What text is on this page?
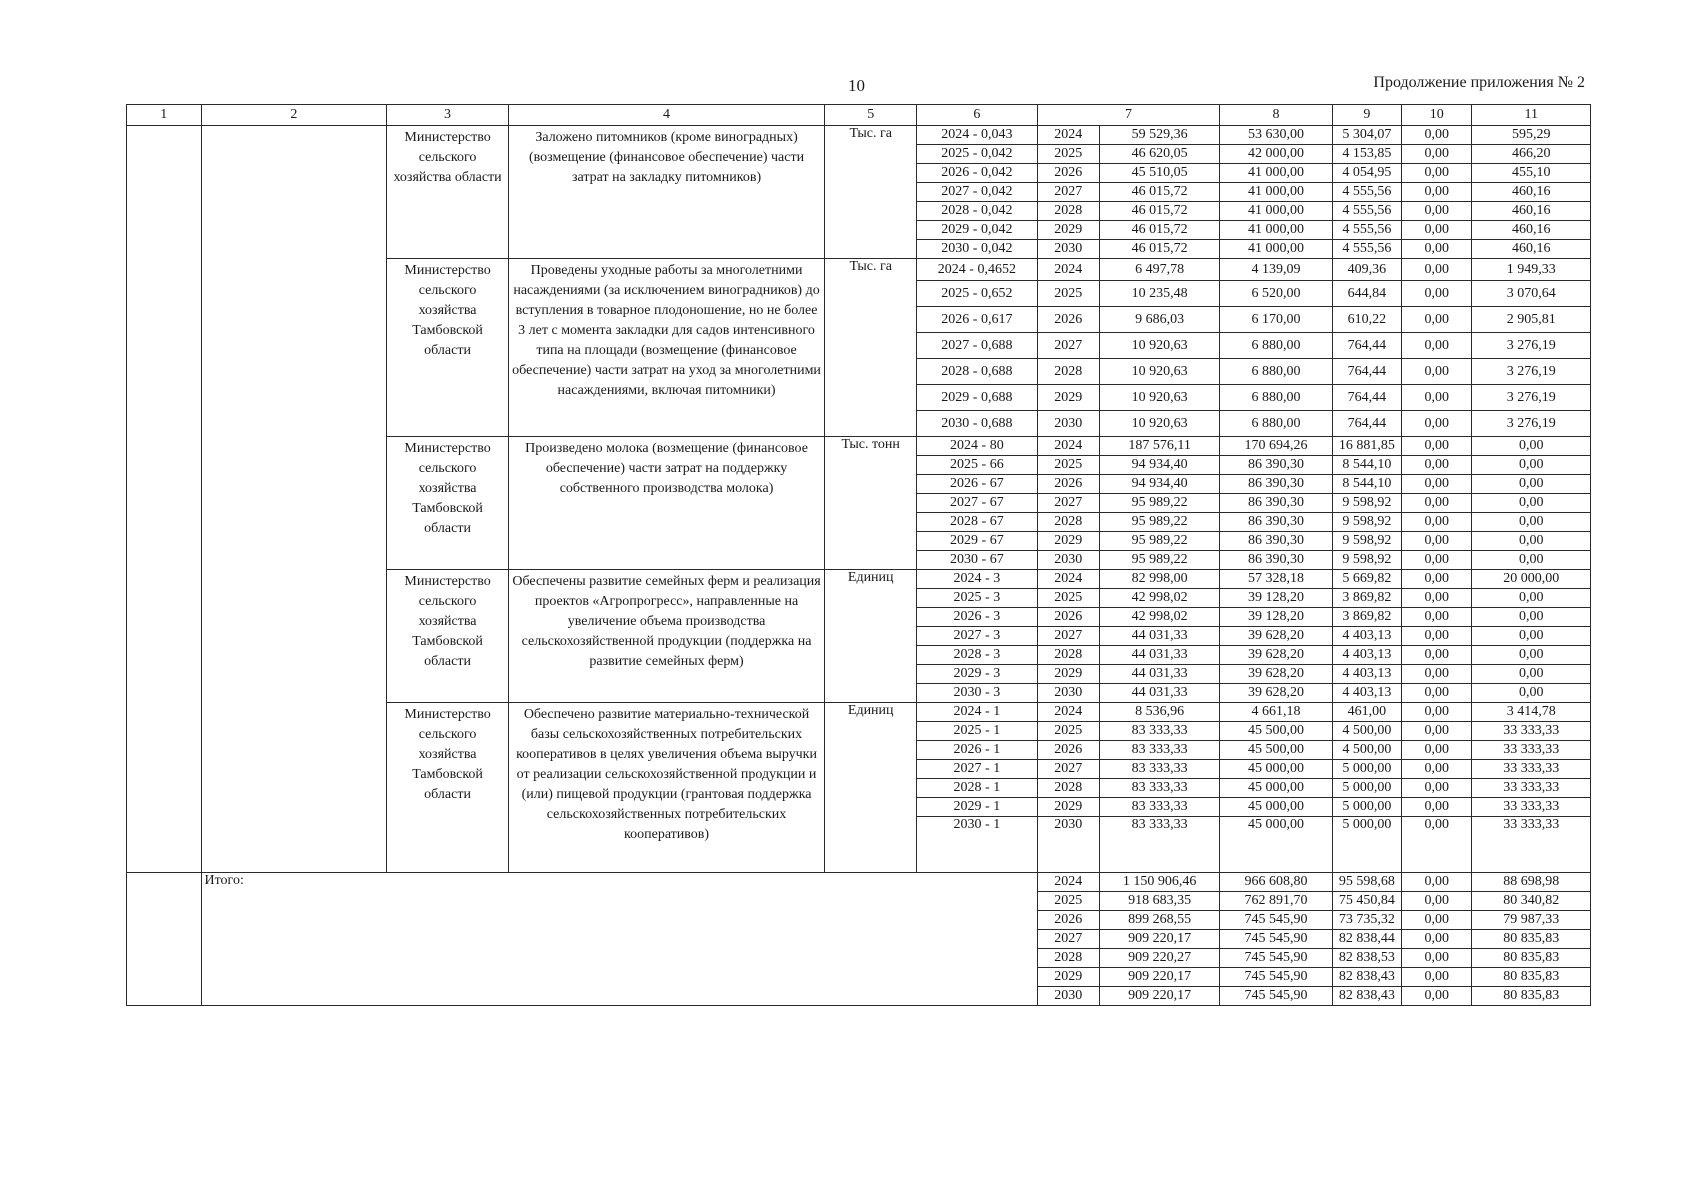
10	Продолжение приложения № 2
1	2	3	4	5	6	7		8	9	10	11
		Министерство сельского хозяйства области	Заложено питомников (кроме виноградных) (возмещение (финансовое обеспечение) части затрат на закладку питомников)	Тыс. га	2024 - 0,043	2024	59 529,36	53 630,00	5 304,07	0,00	595,29
					2025 - 0,042	2025	46 620,05	42 000,00	4 153,85	0,00	466,20
					2026 - 0,042	2026	45 510,05	41 000,00	4 054,95	0,00	455,10
					2027 - 0,042	2027	46 015,72	41 000,00	4 555,56	0,00	460,16
					2028 - 0,042	2028	46 015,72	41 000,00	4 555,56	0,00	460,16
					2029 - 0,042	2029	46 015,72	41 000,00	4 555,56	0,00	460,16
					2030 - 0,042	2030	46 015,72	41 000,00	4 555,56	0,00	460,16
		Министерство сельского хозяйства Тамбовской области	Проведены уходные работы за многолетними насаждениями (за исключением виноградников) до вступления в товарное плодоношение, но не более 3 лет с момента закладки для садов интенсивного типа на площади (возмещение (финансовое обеспечение) части затрат на уход за многолетними насаждениями, включая питомники)	Тыс. га	2024 - 0,4652	2024	6 497,78	4 139,09	409,36	0,00	1 949,33
					2025 - 0,652	2025	10 235,48	6 520,00	644,84	0,00	3 070,64
					2026 - 0,617	2026	9 686,03	6 170,00	610,22	0,00	2 905,81
					2027 - 0,688	2027	10 920,63	6 880,00	764,44	0,00	3 276,19
					2028 - 0,688	2028	10 920,63	6 880,00	764,44	0,00	3 276,19
					2029 - 0,688	2029	10 920,63	6 880,00	764,44	0,00	3 276,19
					2030 - 0,688	2030	10 920,63	6 880,00	764,44	0,00	3 276,19
		Министерство сельского хозяйства Тамбовской области	Произведено молока (возмещение (финансовое обеспечение) части затрат на поддержку собственного производства молока)	Тыс. тонн	2024 - 80	2024	187 576,11	170 694,26	16 881,85	0,00	0,00
					2025 - 66	2025	94 934,40	86 390,30	8 544,10	0,00	0,00
					2026 - 67	2026	94 934,40	86 390,30	8 544,10	0,00	0,00
					2027 - 67	2027	95 989,22	86 390,30	9 598,92	0,00	0,00
					2028 - 67	2028	95 989,22	86 390,30	9 598,92	0,00	0,00
					2029 - 67	2029	95 989,22	86 390,30	9 598,92	0,00	0,00
					2030 - 67	2030	95 989,22	86 390,30	9 598,92	0,00	0,00
		Министерство сельского хозяйства Тамбовской области	Обеспечены развитие семейных ферм и реализация проектов «Агропрогресс», направленные на увеличение объема производства сельскохозяйственной продукции (поддержка на развитие семейных ферм)	Единиц	2024 - 3	2024	82 998,00	57 328,18	5 669,82	0,00	20 000,00
					2025 - 3	2025	42 998,02	39 128,20	3 869,82	0,00	0,00
					2026 - 3	2026	42 998,02	39 128,20	3 869,82	0,00	0,00
					2027 - 3	2027	44 031,33	39 628,20	4 403,13	0,00	0,00
					2028 - 3	2028	44 031,33	39 628,20	4 403,13	0,00	0,00
					2029 - 3	2029	44 031,33	39 628,20	4 403,13	0,00	0,00
					2030 - 3	2030	44 031,33	39 628,20	4 403,13	0,00	0,00
		Министерство сельского хозяйства Тамбовской области	Обеспечено развитие материально-технической базы сельскохозяйственных потребительских кооперативов в целях увеличения объема выручки от реализации сельскохозяйственной продукции и (или) пищевой продукции (грантовая поддержка сельскохозяйственных потребительских кооперативов)	Единиц	2024 - 1	2024	8 536,96	4 661,18	461,00	0,00	3 414,78
					2025 - 1	2025	83 333,33	45 500,00	4 500,00	0,00	33 333,33
					2026 - 1	2026	83 333,33	45 500,00	4 500,00	0,00	33 333,33
					2027 - 1	2027	83 333,33	45 000,00	5 000,00	0,00	33 333,33
					2028 - 1	2028	83 333,33	45 000,00	5 000,00	0,00	33 333,33
					2029 - 1	2029	83 333,33	45 000,00	5 000,00	0,00	33 333,33
					2030 - 1	2030	83 333,33	45 000,00	5 000,00	0,00	33 333,33
	Итого:					2024	1 150 906,46	966 608,80	95 598,68	0,00	88 698,98
						2025	918 683,35	762 891,70	75 450,84	0,00	80 340,82
						2026	899 268,55	745 545,90	73 735,32	0,00	79 987,33
						2027	909 220,17	745 545,90	82 838,44	0,00	80 835,83
						2028	909 220,27	745 545,90	82 838,53	0,00	80 835,83
						2029	909 220,17	745 545,90	82 838,43	0,00	80 835,83
						2030	909 220,17	745 545,90	82 838,43	0,00	80 835,83
